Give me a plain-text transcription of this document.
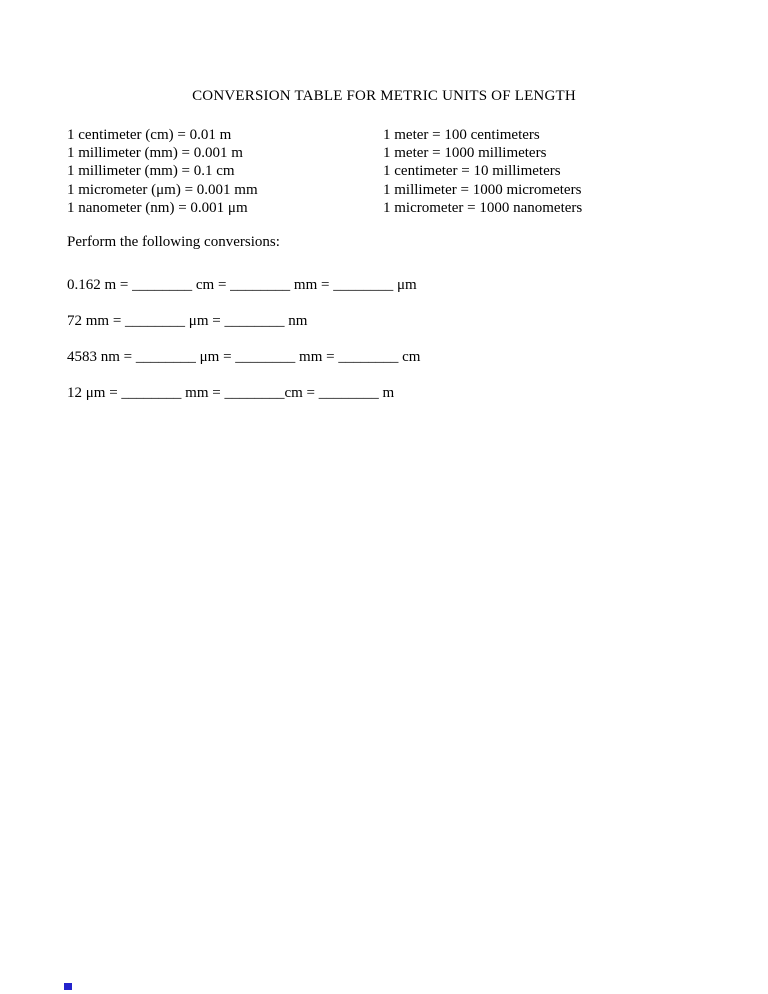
CONVERSION TABLE FOR METRIC UNITS OF LENGTH
1 centimeter (cm) = 0.01 m
1 millimeter (mm) = 0.001 m
1 millimeter (mm) = 0.1 cm
1 micrometer (μm) = 0.001 mm
1 nanometer (nm) = 0.001 μm
1 meter = 100 centimeters
1 meter = 1000 millimeters
1 centimeter = 10 millimeters
1 millimeter = 1000 micrometers
1 micrometer = 1000 nanometers
Perform the following conversions:
0.162 m = ________ cm = ________ mm = ________ μm
72 mm = ________ μm = ________ nm
4583 nm = ________ μm = ________ mm = ________ cm
12 μm = ________ mm = ________cm = ________ m
